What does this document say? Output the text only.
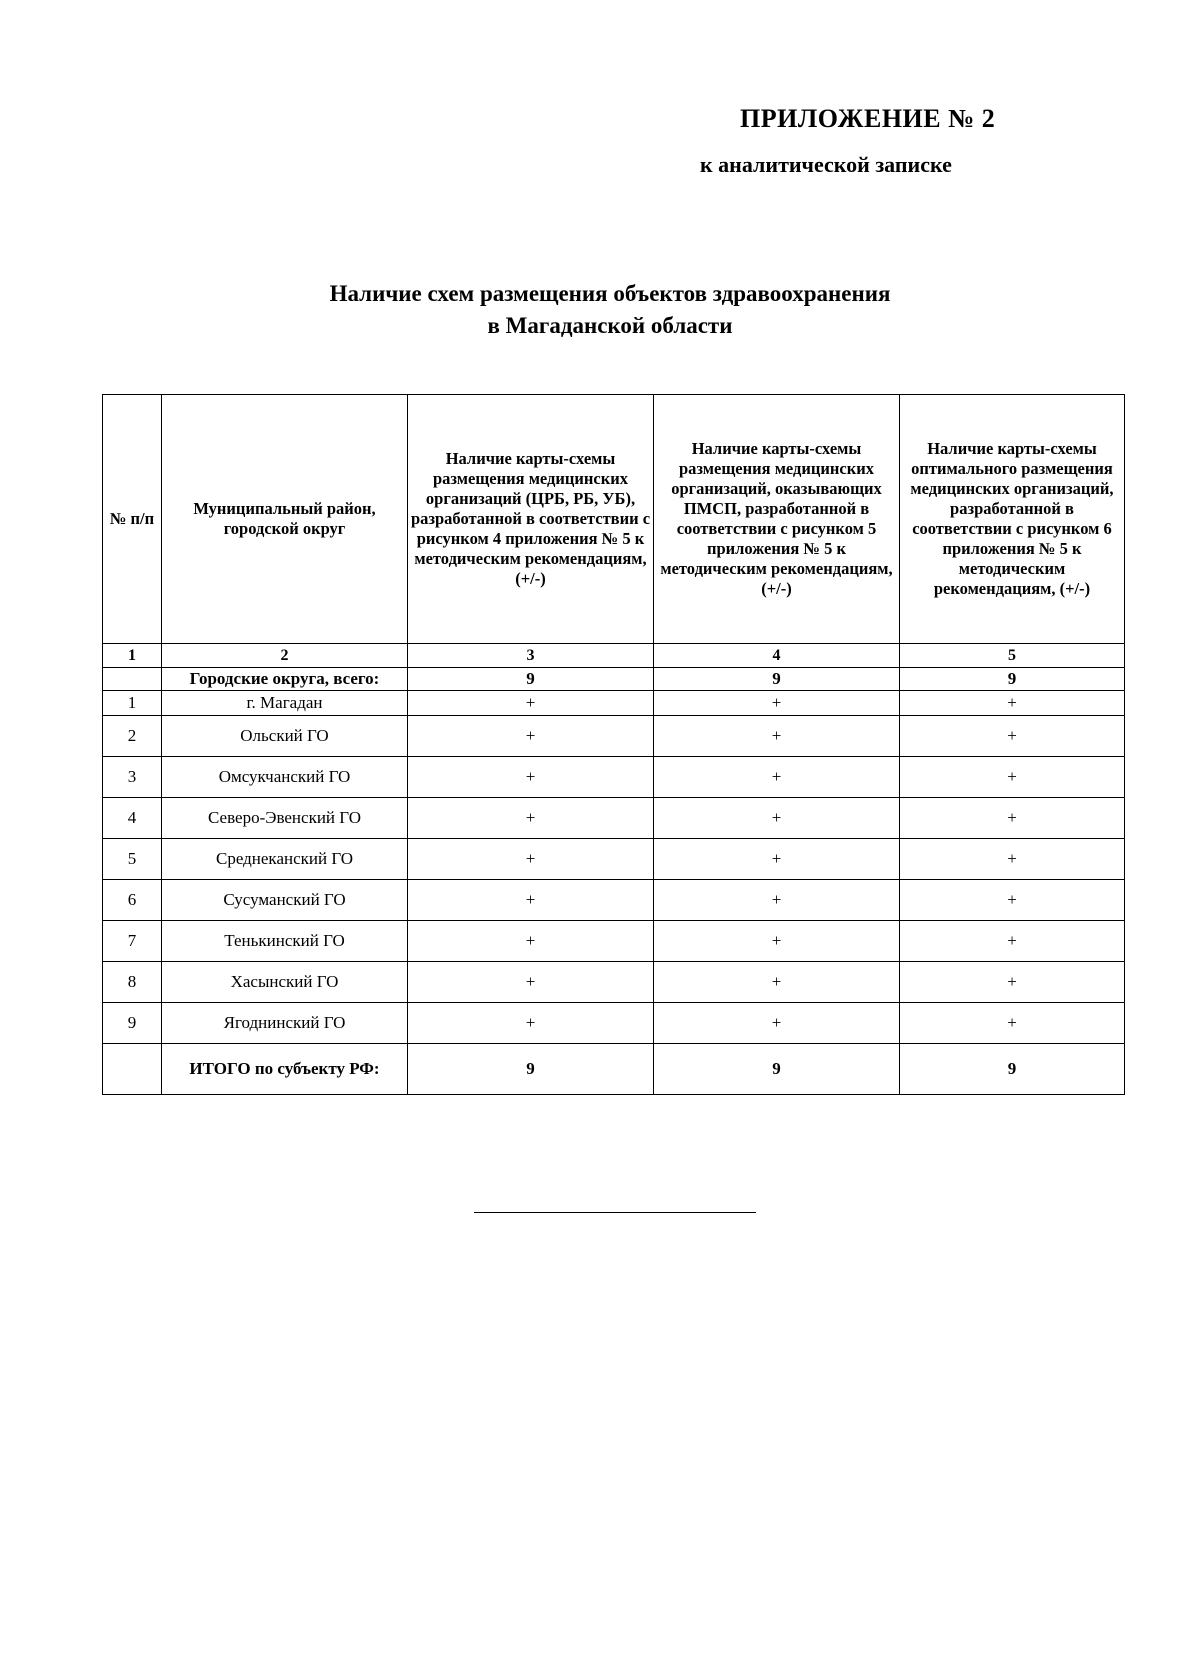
ПРИЛОЖЕНИЕ № 2
к аналитической записке
Наличие схем размещения объектов здравоохранения
в Магаданской области
№ п/п	Муниципальный район, городской округ	Наличие карты-схемы размещения медицинских организаций (ЦРБ, РБ, УБ), разработанной в соответствии с рисунком 4 приложения № 5 к методическим рекомендациям, (+/-)	Наличие карты-схемы размещения медицинских организаций, оказывающих ПМСП, разработанной в соответствии с рисунком 5 приложения № 5 к методическим рекомендациям, (+/-)	Наличие карты-схемы оптимального размещения медицинских организаций, разработанной в соответствии с рисунком 6 приложения № 5 к методическим рекомендациям, (+/-)
1	2	3	4	5
	Городские округа, всего:	9	9	9
1	г. Магадан	+	+	+
2	Ольский ГО	+	+	+
3	Омсукчанский ГО	+	+	+
4	Северо-Эвенский ГО	+	+	+
5	Среднеканский ГО	+	+	+
6	Сусуманский ГО	+	+	+
7	Тенькинский ГО	+	+	+
8	Хасынский ГО	+	+	+
9	Ягоднинский ГО	+	+	+
	ИТОГО по субъекту РФ:	9	9	9
